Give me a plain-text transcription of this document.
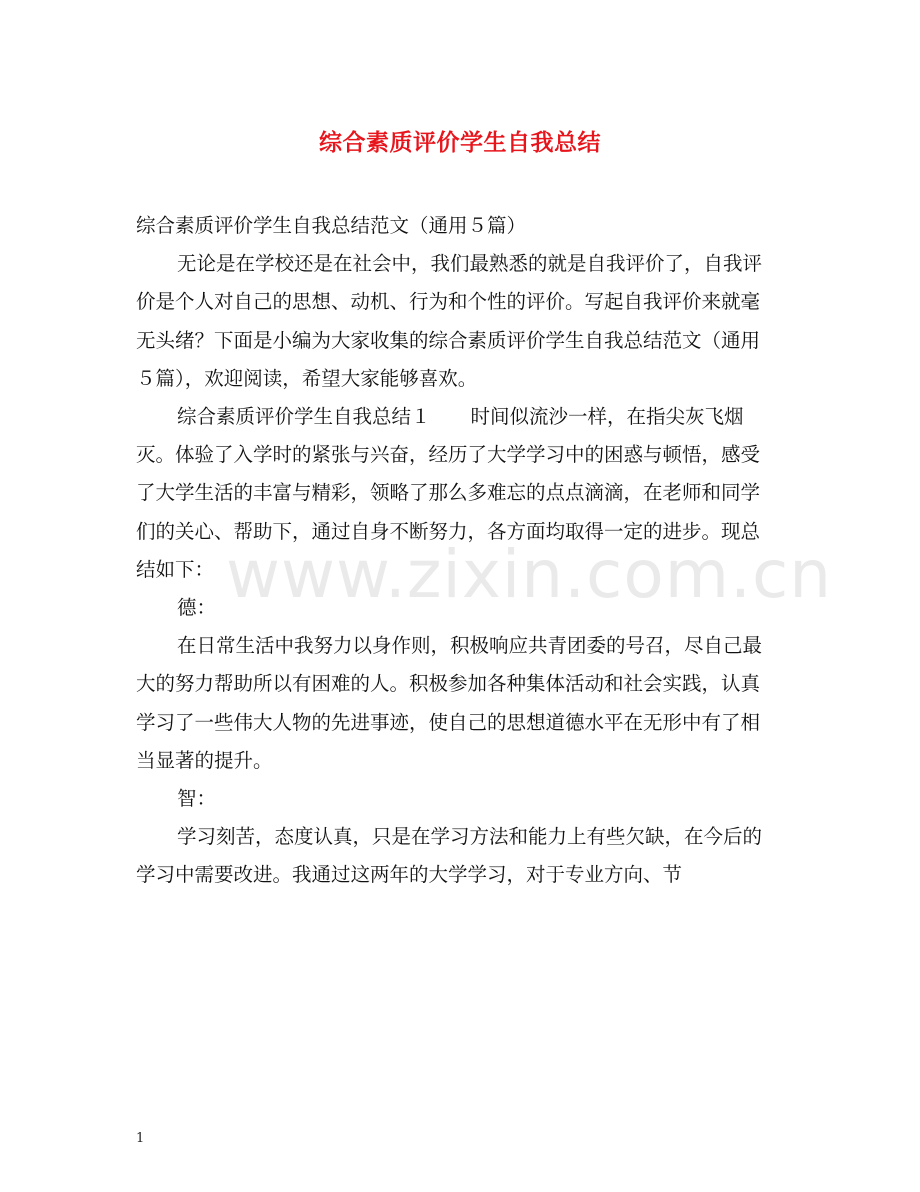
综合素质评价学生自我总结

综合素质评价学生自我总结范文（通用５篇）

无论是在学校还是在社会中，我们最熟悉的就是自我评价了，自我评价是个人对自己的思想、动机、行为和个性的评价。写起自我评价来就毫无头绪？下面是小编为大家收集的综合素质评价学生自我总结范文（通用５篇），欢迎阅读，希望大家能够喜欢。

综合素质评价学生自我总结１ 时间似流沙一样，在指尖灰飞烟灭。体验了入学时的紧张与兴奋，经历了大学学习中的困惑与顿悟，感受了大学生活的丰富与精彩，领略了那么多难忘的点点滴滴，在老师和同学们的关心、帮助下，通过自身不断努力，各方面均取得一定的进步。现总结如下：

德：

在日常生活中我努力以身作则，积极响应共青团委的号召，尽自己最大的努力帮助所以有困难的人。积极参加各种集体活动和社会实践，认真学习了一些伟大人物的先进事迹，使自己的思想道德水平在无形中有了相当显著的提升。

智：

学习刻苦，态度认真，只是在学习方法和能力上有些欠缺，在今后的学习中需要改进。我通过这两年的大学学习，对于专业方向、节

www.zixin.com.cn
1
